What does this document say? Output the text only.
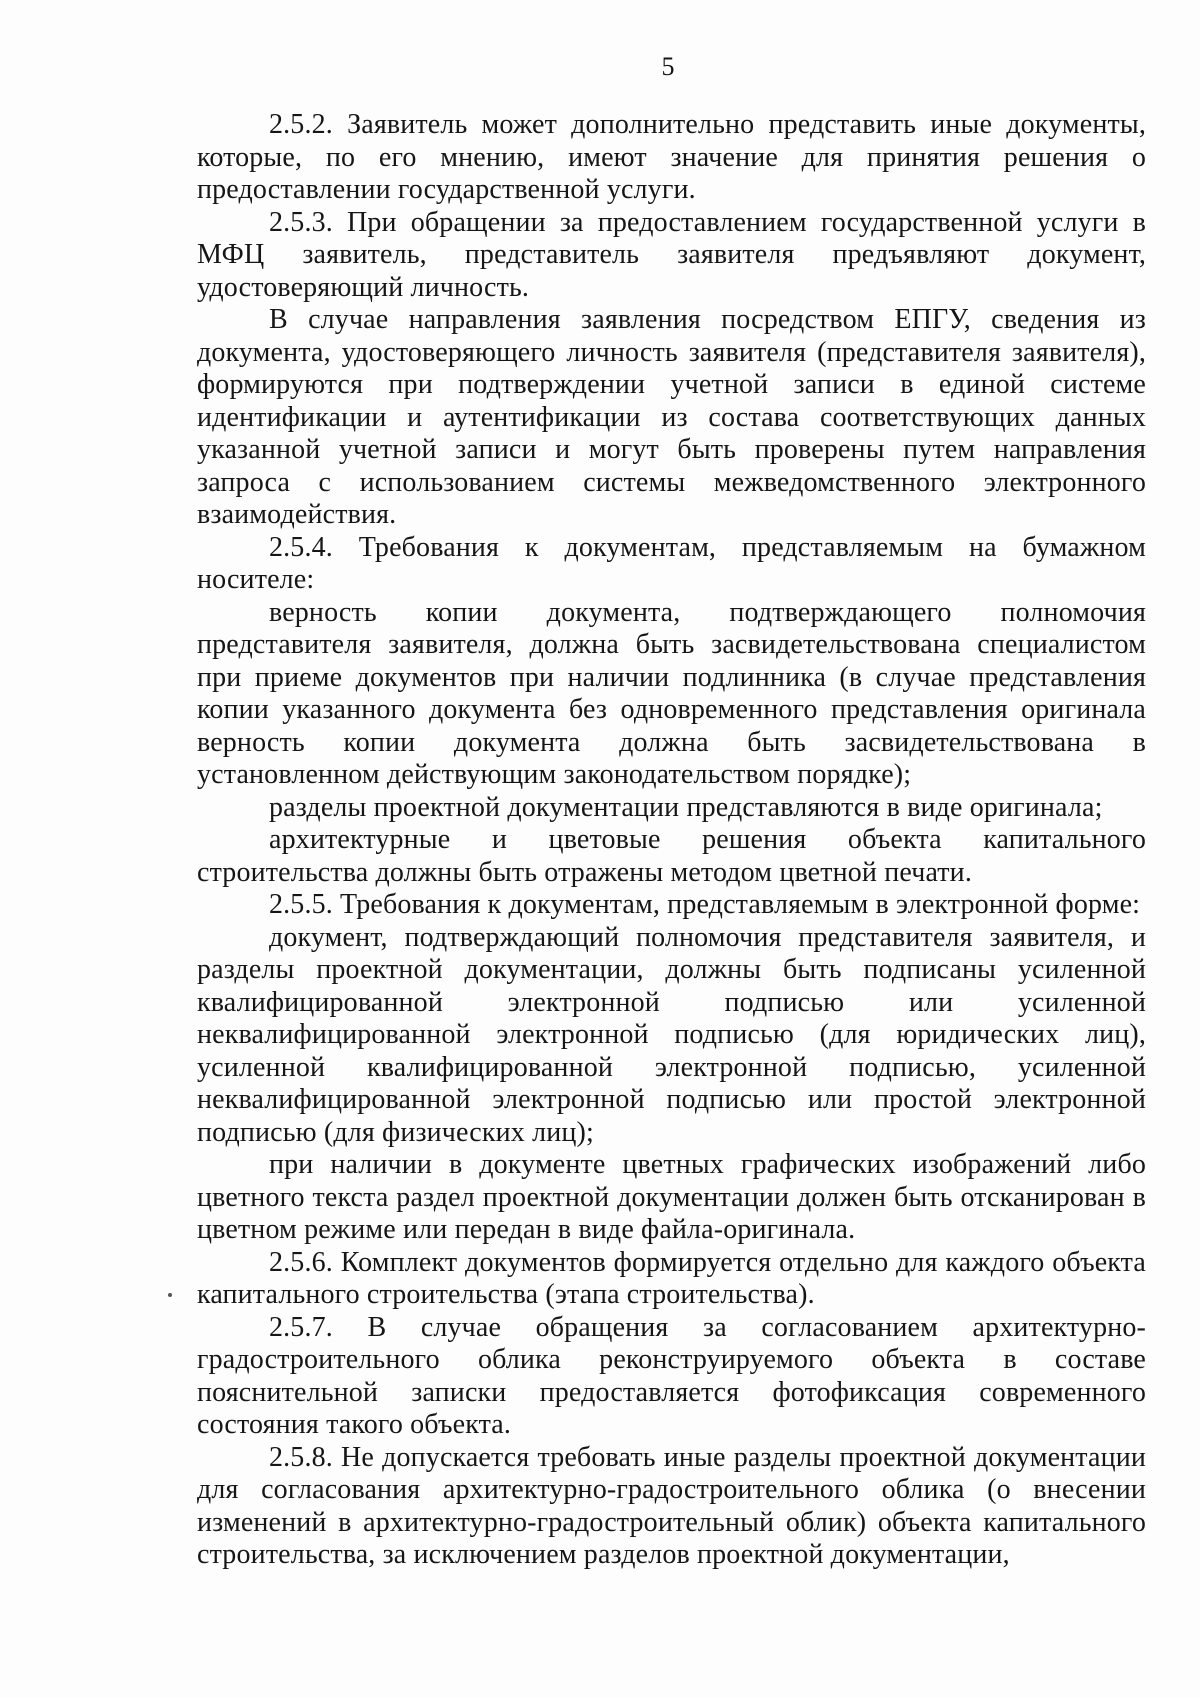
5

2.5.2. Заявитель может дополнительно представить иные документы, которые, по его мнению, имеют значение для принятия решения о предоставлении государственной услуги.

2.5.3. При обращении за предоставлением государственной услуги в МФЦ заявитель, представитель заявителя предъявляют документ, удостоверяющий личность.

В случае направления заявления посредством ЕПГУ, сведения из документа, удостоверяющего личность заявителя (представителя заявителя), формируются при подтверждении учетной записи в единой системе идентификации и аутентификации из состава соответствующих данных указанной учетной записи и могут быть проверены путем направления запроса с использованием системы межведомственного электронного взаимодействия.

2.5.4. Требования к документам, представляемым на бумажном носителе:

верность копии документа, подтверждающего полномочия представителя заявителя, должна быть засвидетельствована специалистом при приеме документов при наличии подлинника (в случае представления копии указанного документа без одновременного представления оригинала верность копии документа должна быть засвидетельствована в установленном действующим законодательством порядке);

разделы проектной документации представляются в виде оригинала;

архитектурные и цветовые решения объекта капитального строительства должны быть отражены методом цветной печати.

2.5.5. Требования к документам, представляемым в электронной форме:

документ, подтверждающий полномочия представителя заявителя, и разделы проектной документации, должны быть подписаны усиленной квалифицированной электронной подписью или усиленной неквалифицированной электронной подписью (для юридических лиц), усиленной квалифицированной электронной подписью, усиленной неквалифицированной электронной подписью или простой электронной подписью (для физических лиц);

при наличии в документе цветных графических изображений либо цветного текста раздел проектной документации должен быть отсканирован в цветном режиме или передан в виде файла-оригинала.

2.5.6. Комплект документов формируется отдельно для каждого объекта капитального строительства (этапа строительства).

2.5.7. В случае обращения за согласованием архитектурно-градостроительного облика реконструируемого объекта в составе пояснительной записки предоставляется фотофиксация современного состояния такого объекта.

2.5.8. Не допускается требовать иные разделы проектной документации для согласования архитектурно-градостроительного облика (о внесении изменений в архитектурно-градостроительный облик) объекта капитального строительства, за исключением разделов проектной документации,
